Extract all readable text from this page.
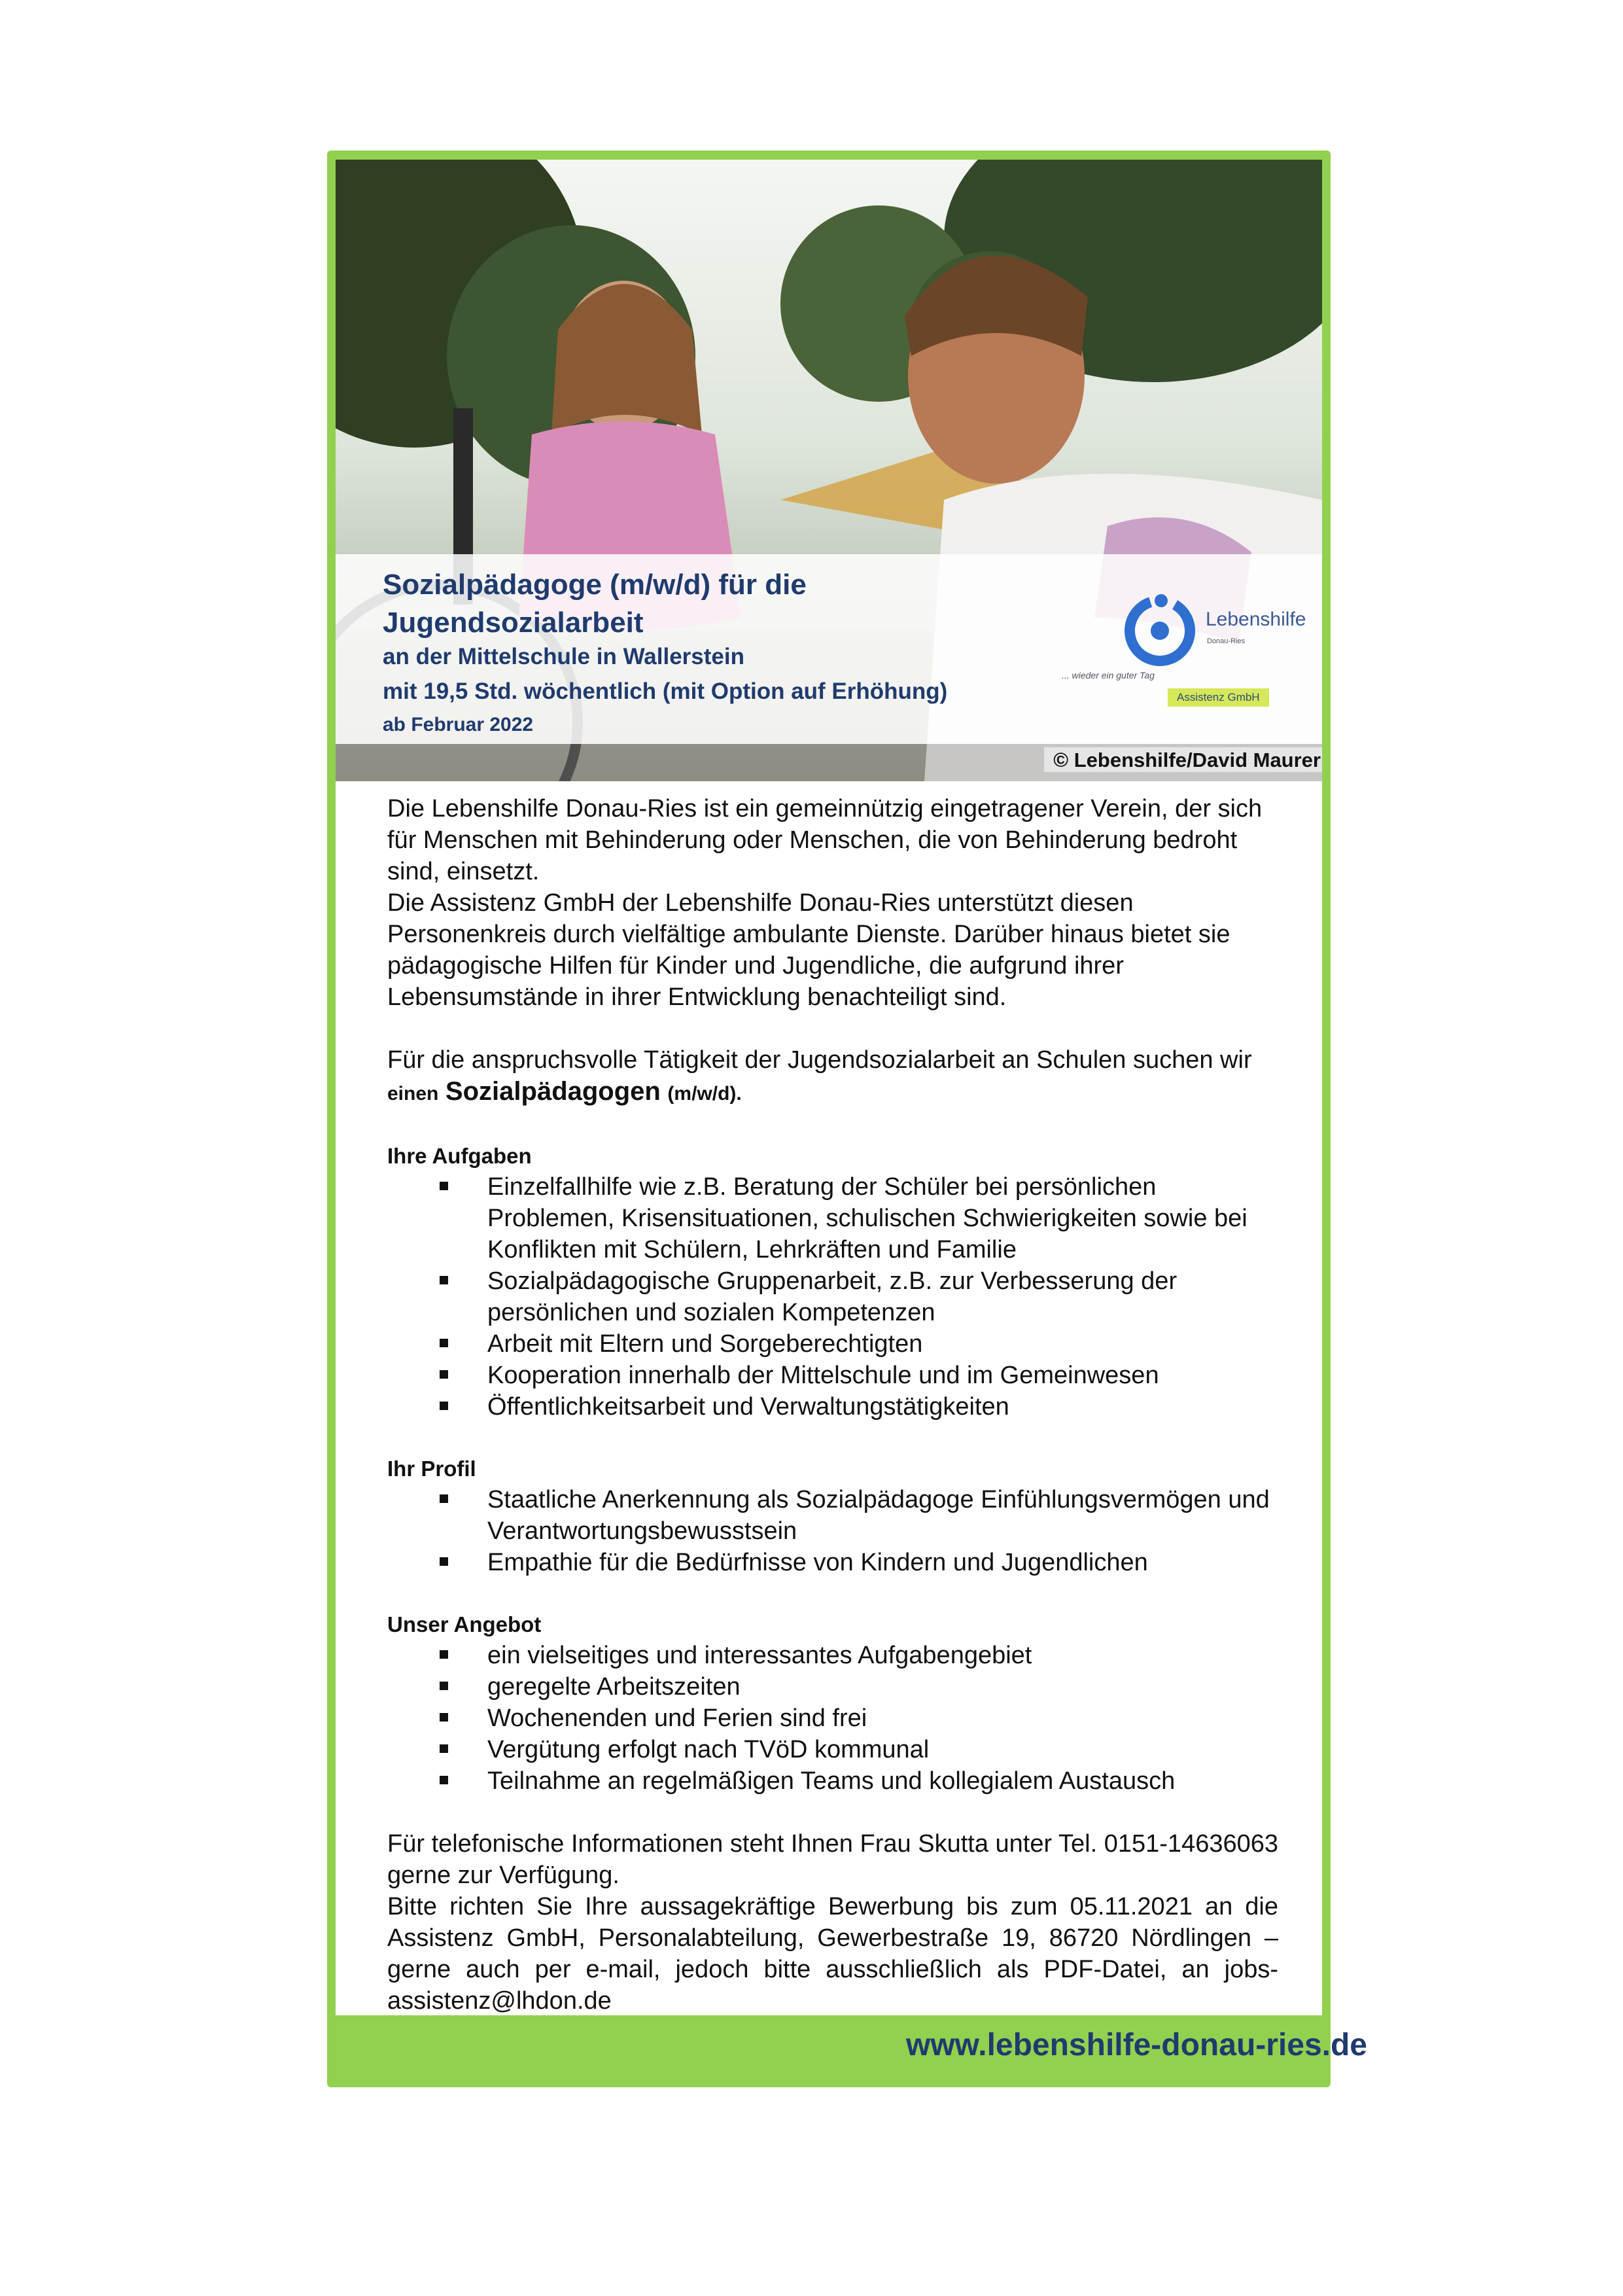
Sozialpädagoge (m/w/d) für die Jugendsozialarbeit

an der Mittelschule in Wallerstein

mit 19,5 Std. wöchentlich (mit Option auf Erhöhung)

ab Februar 2022

Lebenshilfe
Donau-Ries
... wieder ein guter Tag
Assistenz GmbH
© Lebenshilfe/David Maurer

Die Lebenshilfe Donau-Ries ist ein gemeinnützig eingetragener Verein, der sich für Menschen mit Behinderung oder Menschen, die von Behinderung bedroht sind, einsetzt.

Die Assistenz GmbH der Lebenshilfe Donau-Ries unterstützt diesen Personenkreis durch vielfältige ambulante Dienste. Darüber hinaus bietet sie pädagogische Hilfen für Kinder und Jugendliche, die aufgrund ihrer Lebensumstände in ihrer Entwicklung benachteiligt sind.

Für die anspruchsvolle Tätigkeit der Jugendsozialarbeit an Schulen suchen wir einen Sozialpädagogen (m/w/d).

Ihre Aufgaben
Einzelfallhilfe wie z.B. Beratung der Schüler bei persönlichen Problemen, Krisensituationen, schulischen Schwierigkeiten sowie bei Konflikten mit Schülern, Lehrkräften und Familie
Sozialpädagogische Gruppenarbeit, z.B. zur Verbesserung der persönlichen und sozialen Kompetenzen
Arbeit mit Eltern und Sorgeberechtigten
Kooperation innerhalb der Mittelschule und im Gemeinwesen
Öffentlichkeitsarbeit und Verwaltungstätigkeiten
Ihr Profil
Staatliche Anerkennung als Sozialpädagoge Einfühlungsvermögen und Verantwortungsbewusstsein
Empathie für die Bedürfnisse von Kindern und Jugendlichen
Unser Angebot
ein vielseitiges und interessantes Aufgabengebiet
geregelte Arbeitszeiten
Wochenenden und Ferien sind frei
Vergütung erfolgt nach TVöD kommunal
Teilnahme an regelmäßigen Teams und kollegialem Austausch

Für telefonische Informationen steht Ihnen Frau Skutta unter Tel. 0151-14636063 gerne zur Verfügung.

Bitte richten Sie Ihre aussagekräftige Bewerbung bis zum 05.11.2021 an die Assistenz GmbH, Personalabteilung, Gewerbestraße 19, 86720 Nördlingen – gerne auch per e-mail, jedoch bitte ausschließlich als PDF-Datei, an jobs-assistenz@lhdon.de

www.lebenshilfe-donau-ries.de
